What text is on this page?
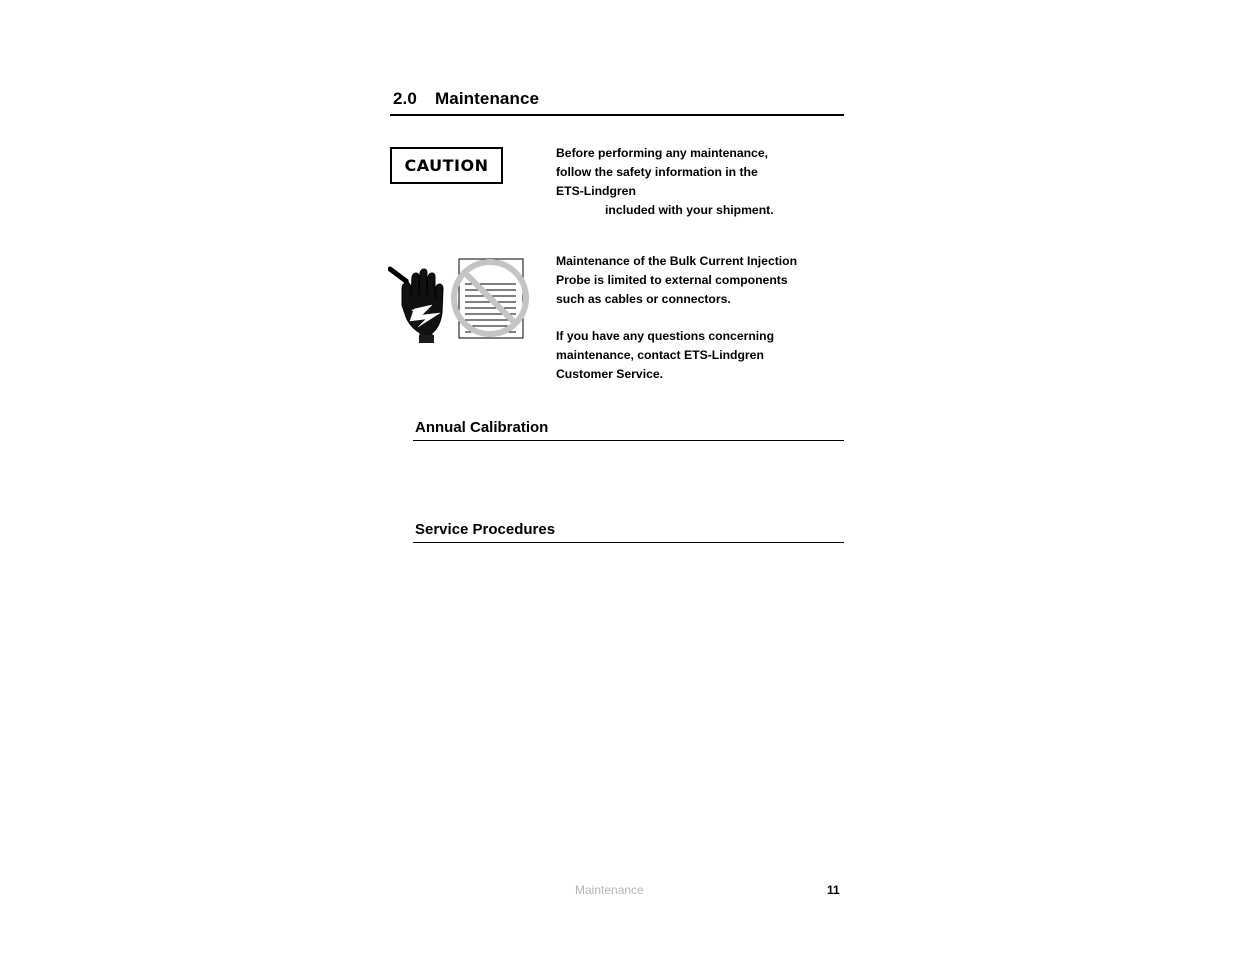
2.0 Maintenance
CAUTION
Before performing any maintenance,
follow the safety information in the
ETS-Lindgren
included with your shipment.
Maintenance of the Bulk Current Injection
Probe is limited to external components
such as cables or connectors.
If you have any questions concerning
maintenance, contact ETS-Lindgren
Customer Service.
Annual Calibration
Service Procedures
Maintenance	11
